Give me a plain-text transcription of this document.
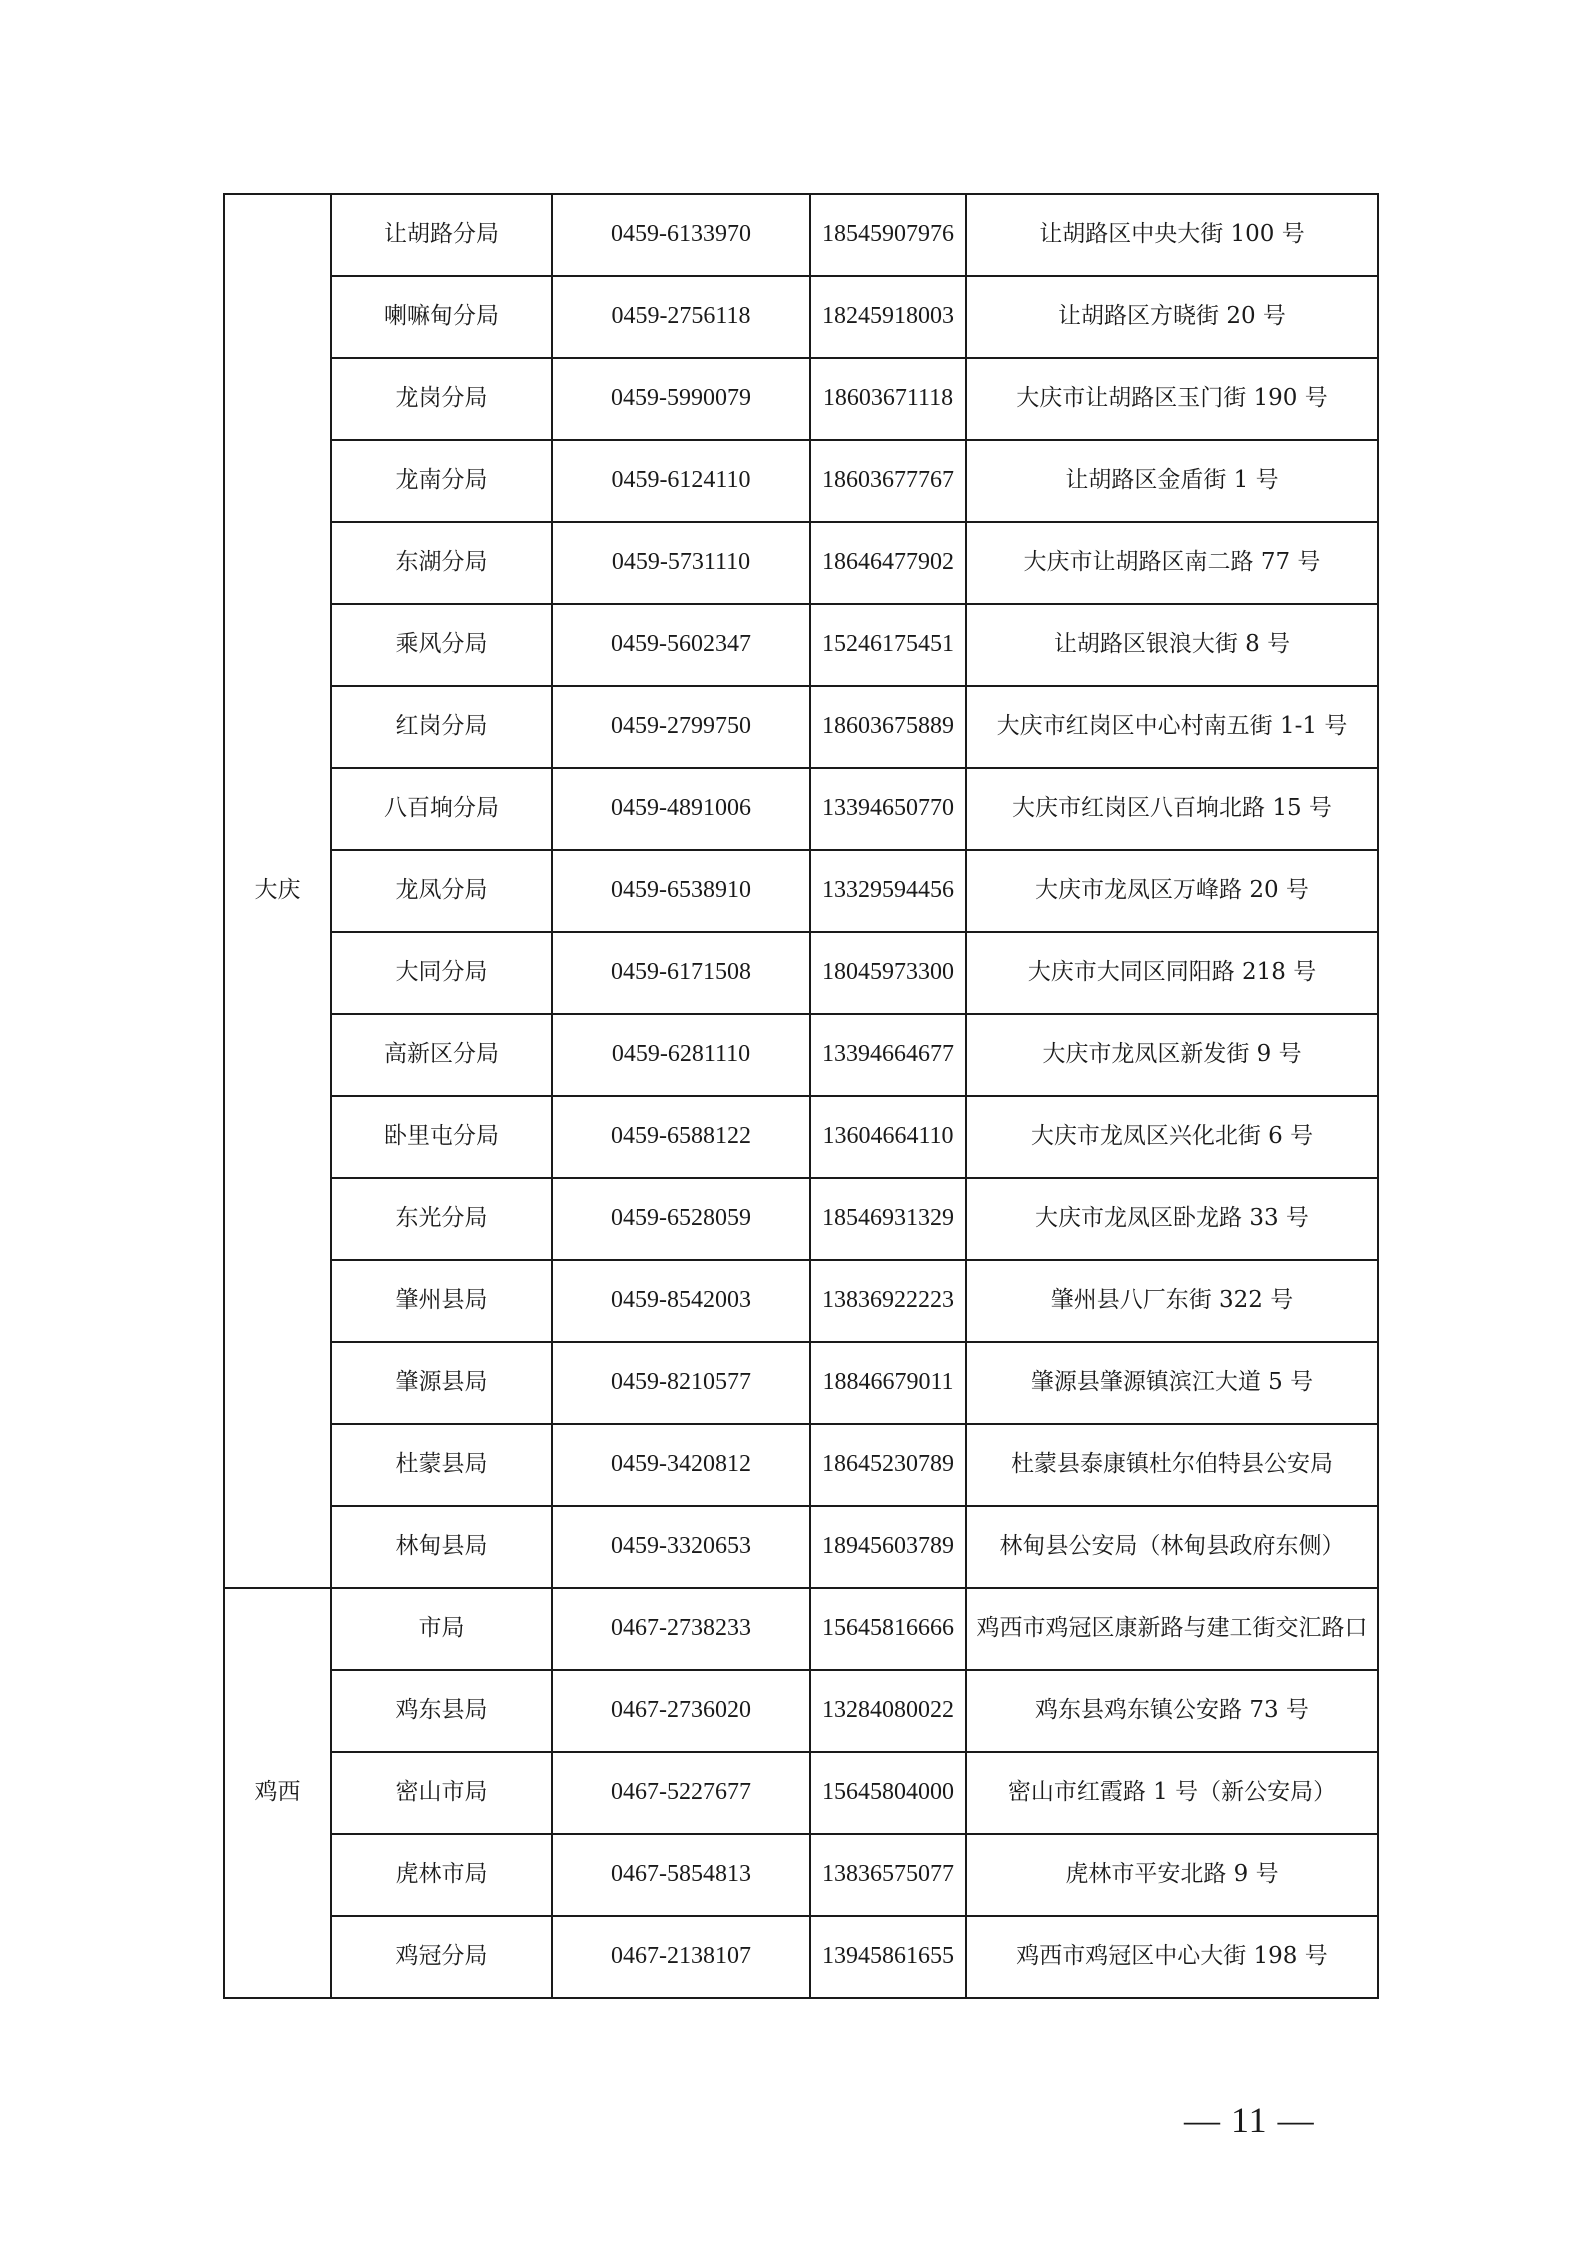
大庆	让胡路分局	0459-6133970	18545907976	让胡路区中央大街 100 号
	喇嘛甸分局	0459-2756118	18245918003	让胡路区方晓街 20 号
	龙岗分局	0459-5990079	18603671118	大庆市让胡路区玉门街 190 号
	龙南分局	0459-6124110	18603677767	让胡路区金盾街 1 号
	东湖分局	0459-5731110	18646477902	大庆市让胡路区南二路 77 号
	乘风分局	0459-5602347	15246175451	让胡路区银浪大街 8 号
	红岗分局	0459-2799750	18603675889	大庆市红岗区中心村南五街 1-1 号
	八百垧分局	0459-4891006	13394650770	大庆市红岗区八百垧北路 15 号
	龙凤分局	0459-6538910	13329594456	大庆市龙凤区万峰路 20 号
	大同分局	0459-6171508	18045973300	大庆市大同区同阳路 218 号
	高新区分局	0459-6281110	13394664677	大庆市龙凤区新发街 9 号
	卧里屯分局	0459-6588122	13604664110	大庆市龙凤区兴化北街 6 号
	东光分局	0459-6528059	18546931329	大庆市龙凤区卧龙路 33 号
	肇州县局	0459-8542003	13836922223	肇州县八厂东街 322 号
	肇源县局	0459-8210577	18846679011	肇源县肇源镇滨江大道 5 号
	杜蒙县局	0459-3420812	18645230789	杜蒙县泰康镇杜尔伯特县公安局
	林甸县局	0459-3320653	18945603789	林甸县公安局（林甸县政府东侧）
鸡西	市局	0467-2738233	15645816666	鸡西市鸡冠区康新路与建工街交汇路口
	鸡东县局	0467-2736020	13284080022	鸡东县鸡东镇公安路 73 号
	密山市局	0467-5227677	15645804000	密山市红霞路 1 号（新公安局）
	虎林市局	0467-5854813	13836575077	虎林市平安北路 9 号
	鸡冠分局	0467-2138107	13945861655	鸡西市鸡冠区中心大街 198 号
— 11 —
